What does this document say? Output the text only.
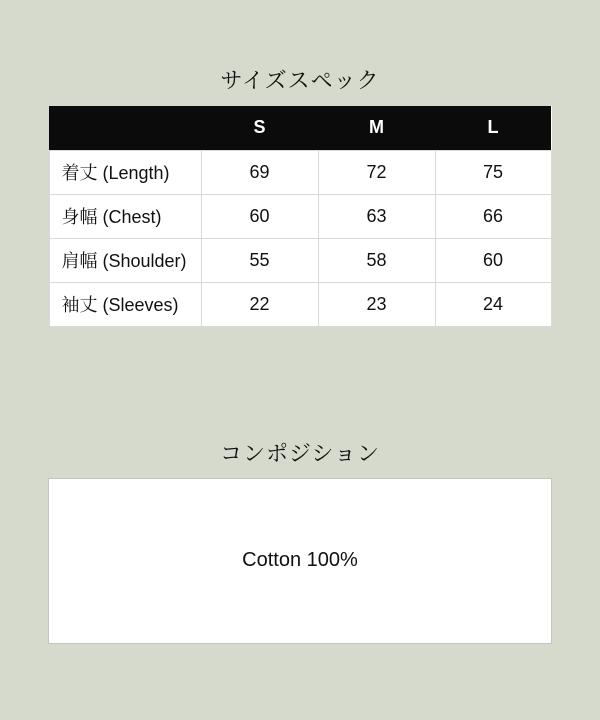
サイズスペック
	S	M	L
着丈 (Length)	69	72	75
身幅 (Chest)	60	63	66
肩幅 (Shoulder)	55	58	60
袖丈 (Sleeves)	22	23	24
コンポジション
Cotton 100%
